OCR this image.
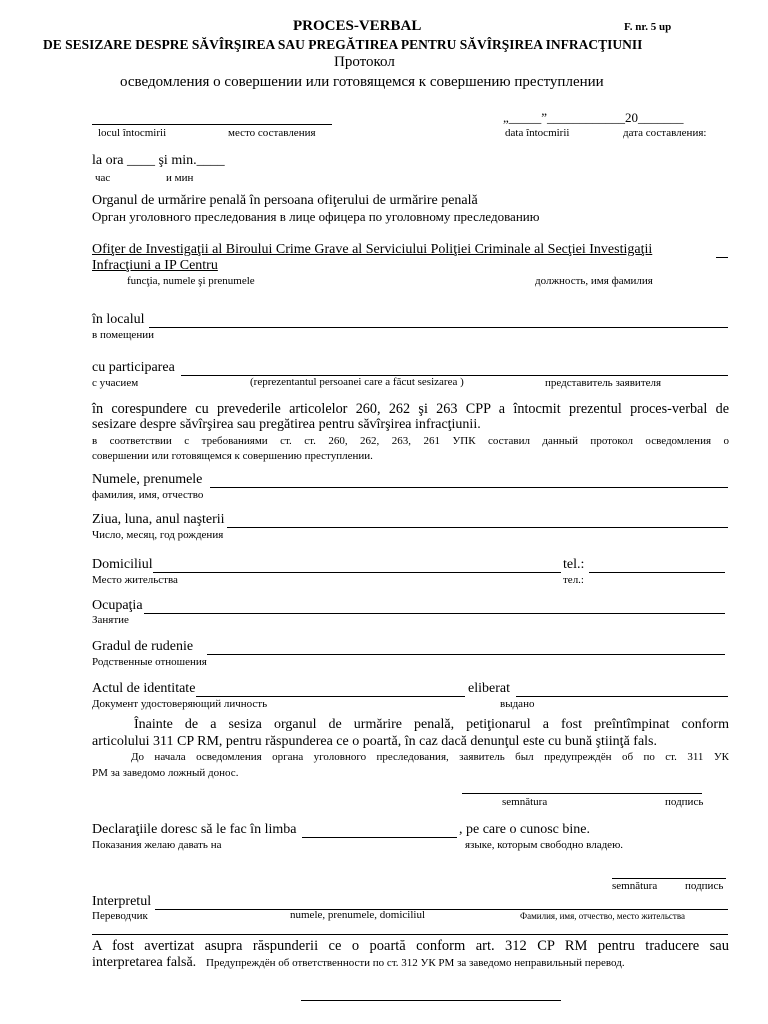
PROCES-VERBAL	F. nr. 5 up
DE SESIZARE DESPRE SĂVÎRŞIREA SAU PREGĂTIREA PENTRU SĂVÎRŞIREA INFRACŢIUNII
Протокол
осведомления о совершении или готовящемся к совершению преступлении
locul întocmirii	место составления
„_____”____________20_______
data întocmirii	дата составления:
la ora ____ şi min.____
час	и мин
Organul de urmărire penală în persoana ofiţerului de urmărire penală
Орган уголовного преследования в лице офицера по уголовному преследованию
Ofiţer de Investigaţii al Biroului Crime Grave al Serviciului Poliţiei Criminale al Secţiei Investigaţii
Infracţiuni a IP Centru
funcţia, numele şi prenumele	должность, имя фамилия
în localul
в помещении
cu participarea
с учасием	(reprezentantul persoanei care a făcut sesizarea )	представитель заявителя
în corespundere cu prevederile articolelor 260, 262 şi 263 CPP a întocmit prezentul proces-verbal de
sesizare despre săvîrşirea sau pregătirea pentru săvîrşirea infracţiunii.
в соответствии с требованиями ст. ст. 260, 262, 263, 261 УПК составил данный протокол осведомления о
совершении или готовящемся к совершению преступлении.
Numele, prenumele
фамилия, имя, отчество
Ziua, luna, anul naşterii
Число, месяц, год рождения
Domiciliul	tel.:
Место жительства	тел.:
Ocupaţia
Занятие
Gradul de rudenie
Родственные отношения
Actul de identitate	eliberat
Документ удостоверяющий личность	выдано
Înainte de a sesiza organul de urmărire penală, petiţionarul a fost preîntîmpinat conform
articolului 311 CP RM, pentru răspunderea ce o poartă, în caz dacă denunţul este cu bună ştiinţă fals.
До начала осведомления органа уголовного преследования, заявитель был предупреждён об по ст. 311 УК
РМ за заведомо ложный донос.
semnătura	подпись
Declaraţiile doresc să le fac în limba	, pe care o cunosc bine.
Показания желаю давать на	языке, которым свободно владею.
semnătura	подпись
Interpretul
Переводчик	numele, prenumele, domiciliul	Фамилия, имя, отчество, место жительства
A fost avertizat asupra răspunderii ce o poartă conform art. 312 CP RM pentru traducere sau
interpretarea falsă. Предупреждён об ответственности по ст. 312 УК РМ за заведомо неправильный перевод.
